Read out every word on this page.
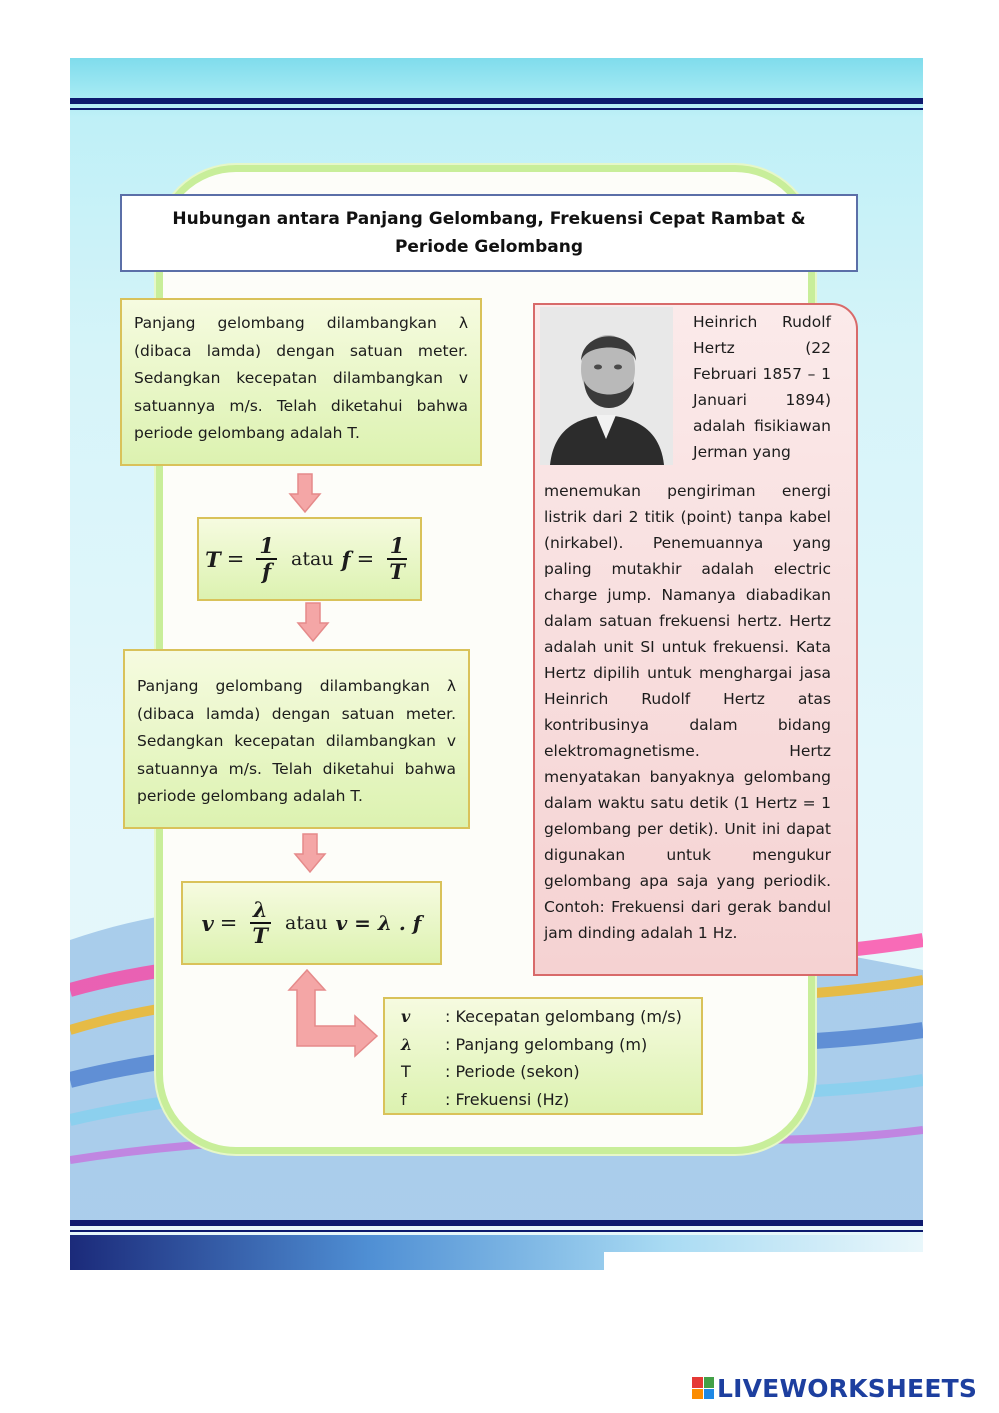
Hubungan antara Panjang Gelombang, Frekuensi Cepat Rambat & Periode Gelombang
Panjang gelombang dilambangkan λ (dibaca lamda) dengan satuan meter. Sedangkan kecepatan dilambangkan v satuannya m/s. Telah diketahui bahwa periode gelombang adalah T.
$T = \frac{1}{f}$ atau $f = \frac{1}{T}$
Panjang gelombang dilambangkan λ (dibaca lamda) dengan satuan meter. Sedangkan kecepatan dilambangkan v satuannya m/s. Telah diketahui bahwa periode gelombang adalah T.
$v = \frac{\lambda}{T}$ atau v = λ . f
Heinrich Rudolf Hertz (22 Februari 1857 – 1 Januari 1894) adalah fisikiawan Jerman yang
menemukan pengiriman energi listrik dari 2 titik (point) tanpa kabel (nirkabel). Penemuannya yang paling mutakhir adalah electric charge jump. Namanya diabadikan dalam satuan frekuensi hertz. Hertz adalah unit SI untuk frekuensi. Kata Hertz dipilih untuk menghargai jasa Heinrich Rudolf Hertz atas kontribusinya dalam bidang elektromagnetisme. Hertz menyatakan banyaknya gelombang dalam waktu satu detik (1 Hertz = 1 gelombang per detik). Unit ini dapat digunakan untuk mengukur gelombang apa saja yang periodik. Contoh: Frekuensi dari gerak bandul jam dinding adalah 1 Hz.
v	: Kecepatan gelombang (m/s)
λ	: Panjang gelombang (m)
T	: Periode (sekon)
f	: Frekuensi (Hz)
LIVEWORKSHEETS
